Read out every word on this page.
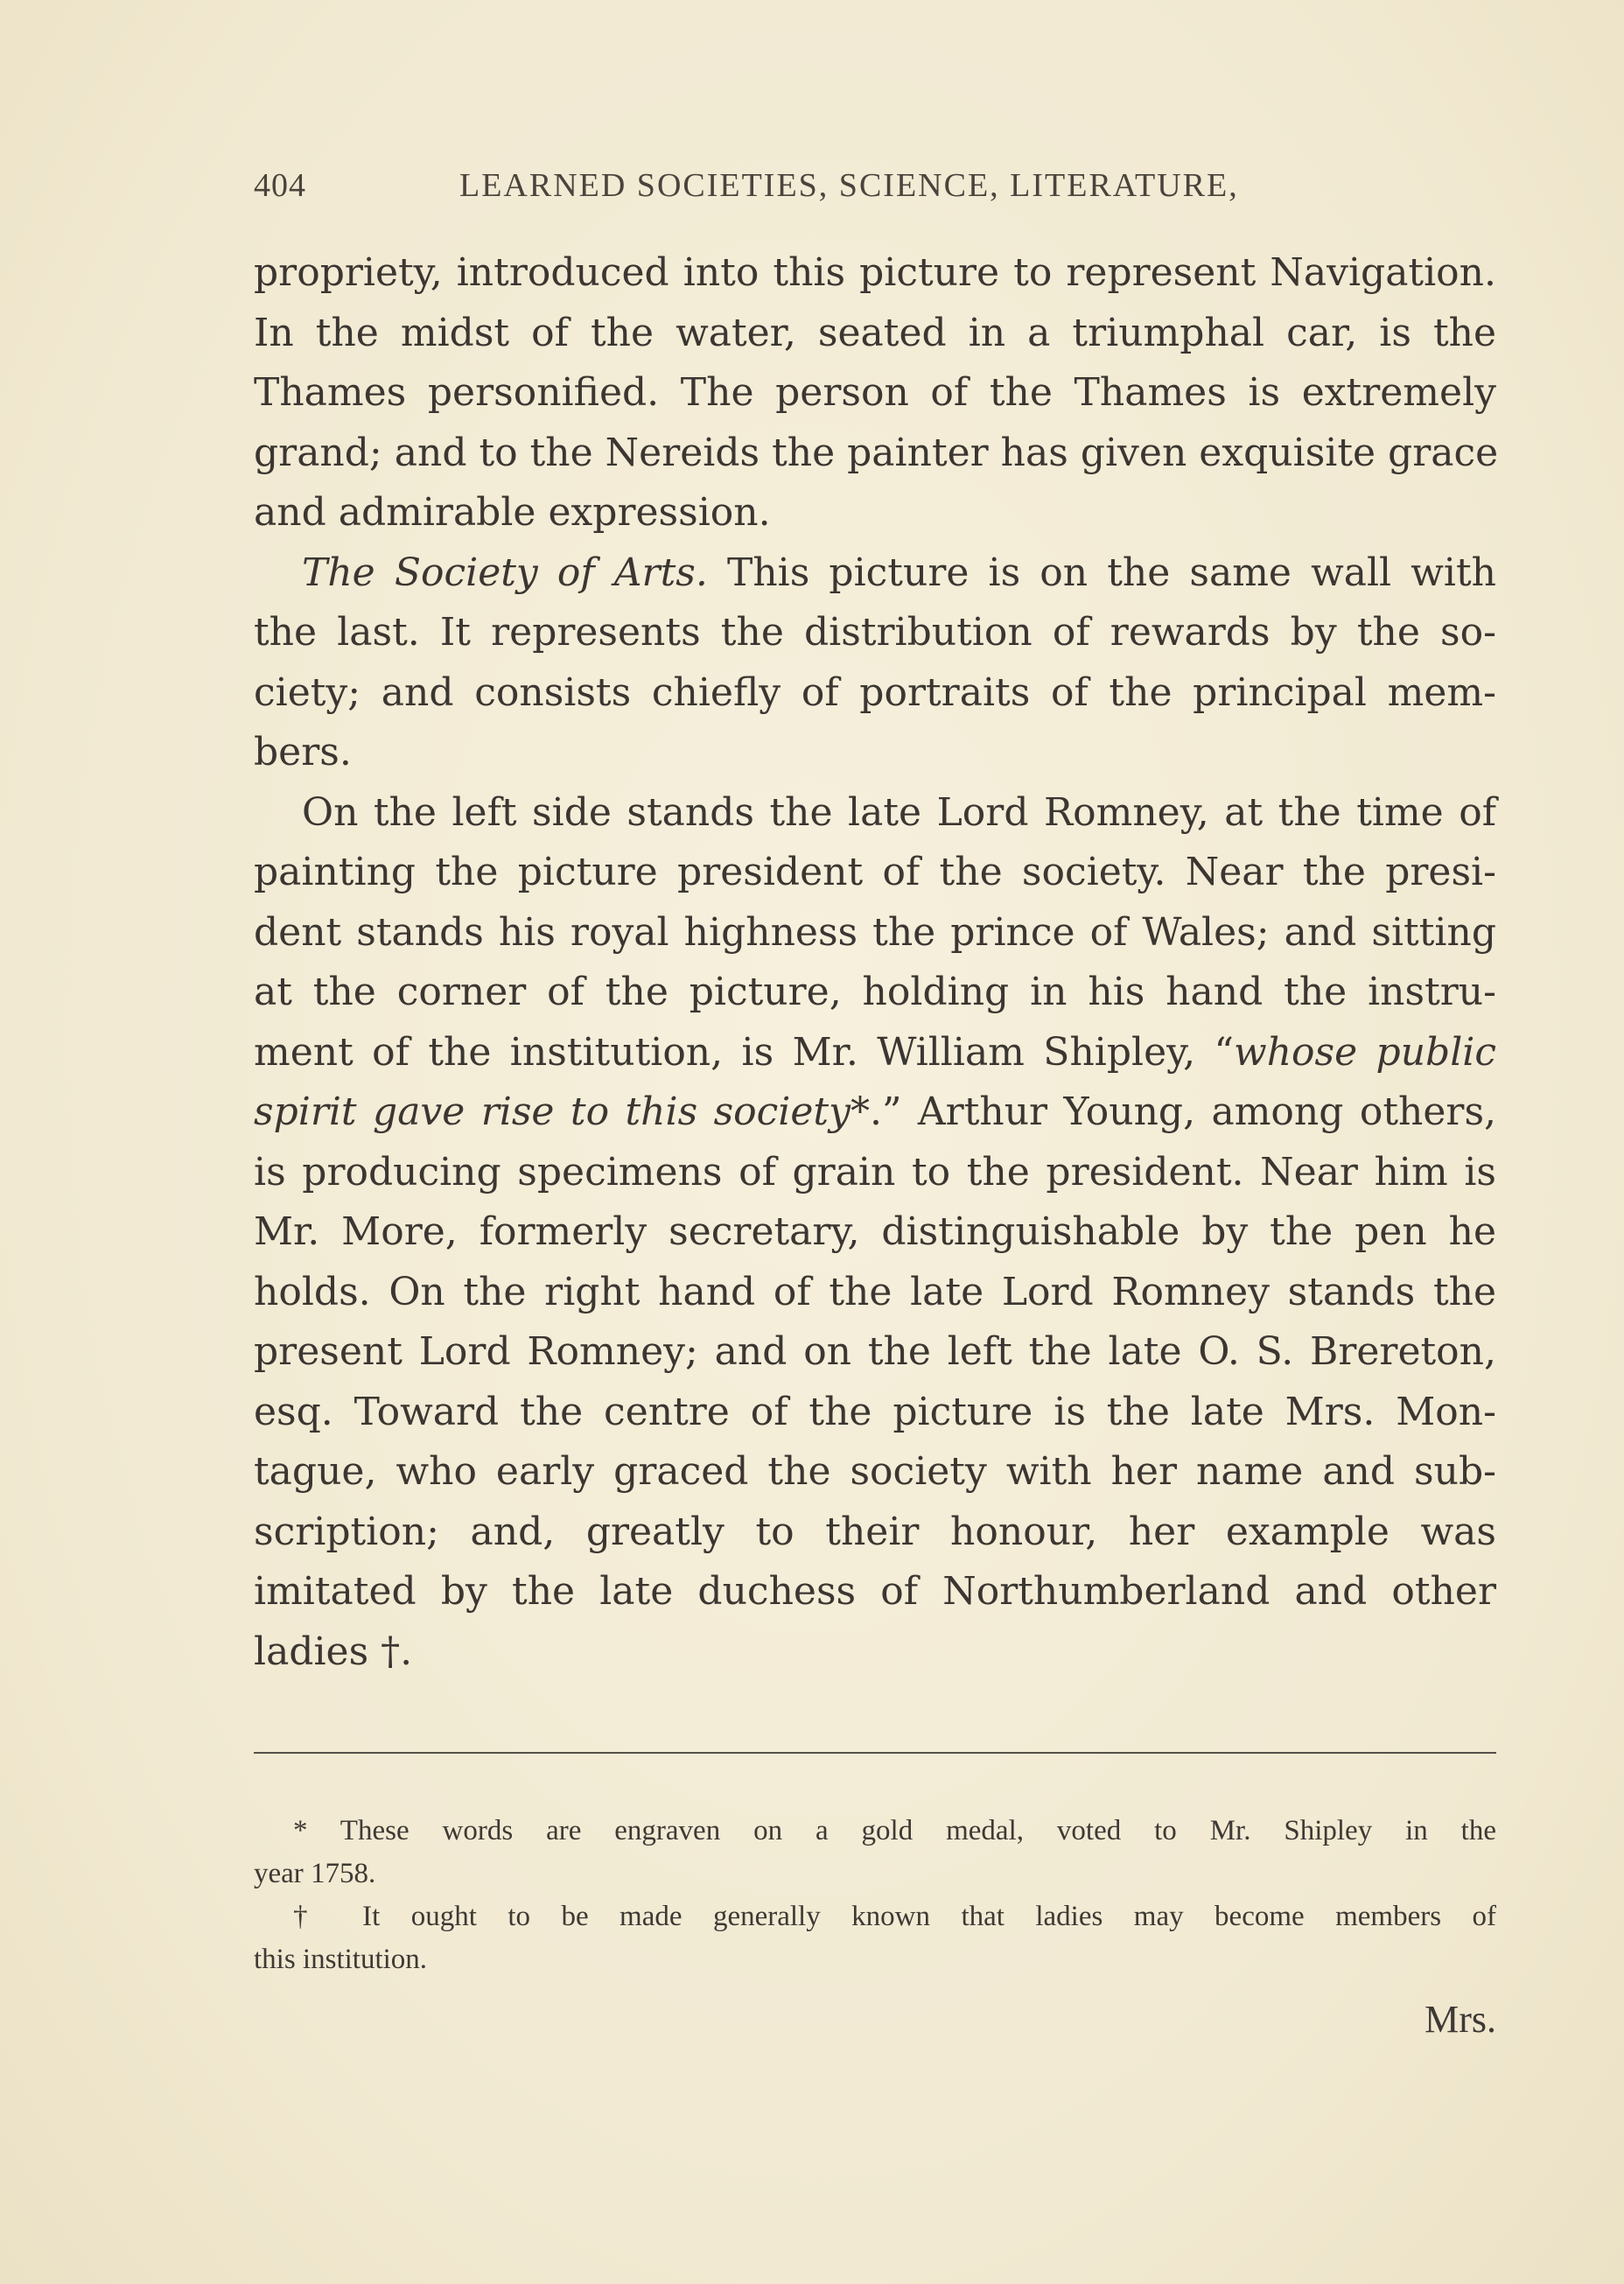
404	LEARNED SOCIETIES, SCIENCE, LITERATURE,
propriety, introduced into this picture to represent Navigation.
In the midst of the water, seated in a triumphal car, is the
Thames personified. The person of the Thames is extremely
grand; and to the Nereids the painter has given exquisite grace
and admirable expression.
The Society of Arts. This picture is on the same wall with
the last. It represents the distribution of rewards by the so-
ciety; and consists chiefly of portraits of the principal mem-
bers.
On the left side stands the late Lord Romney, at the time of
painting the picture president of the society. Near the presi-
dent stands his royal highness the prince of Wales; and sitting
at the corner of the picture, holding in his hand the instru-
ment of the institution, is Mr. William Shipley, “whose public
spirit gave rise to this society*.” Arthur Young, among others,
is producing specimens of grain to the president. Near him is
Mr. More, formerly secretary, distinguishable by the pen he
holds. On the right hand of the late Lord Romney stands the
present Lord Romney; and on the left the late O. S. Brereton,
esq. Toward the centre of the picture is the late Mrs. Mon-
tague, who early graced the society with her name and sub-
scription; and, greatly to their honour, her example was
imitated by the late duchess of Northumberland and other
ladies †.
* These words are engraven on a gold medal, voted to Mr. Shipley in the
year 1758.
† It ought to be made generally known that ladies may become members of
this institution.
Mrs.
